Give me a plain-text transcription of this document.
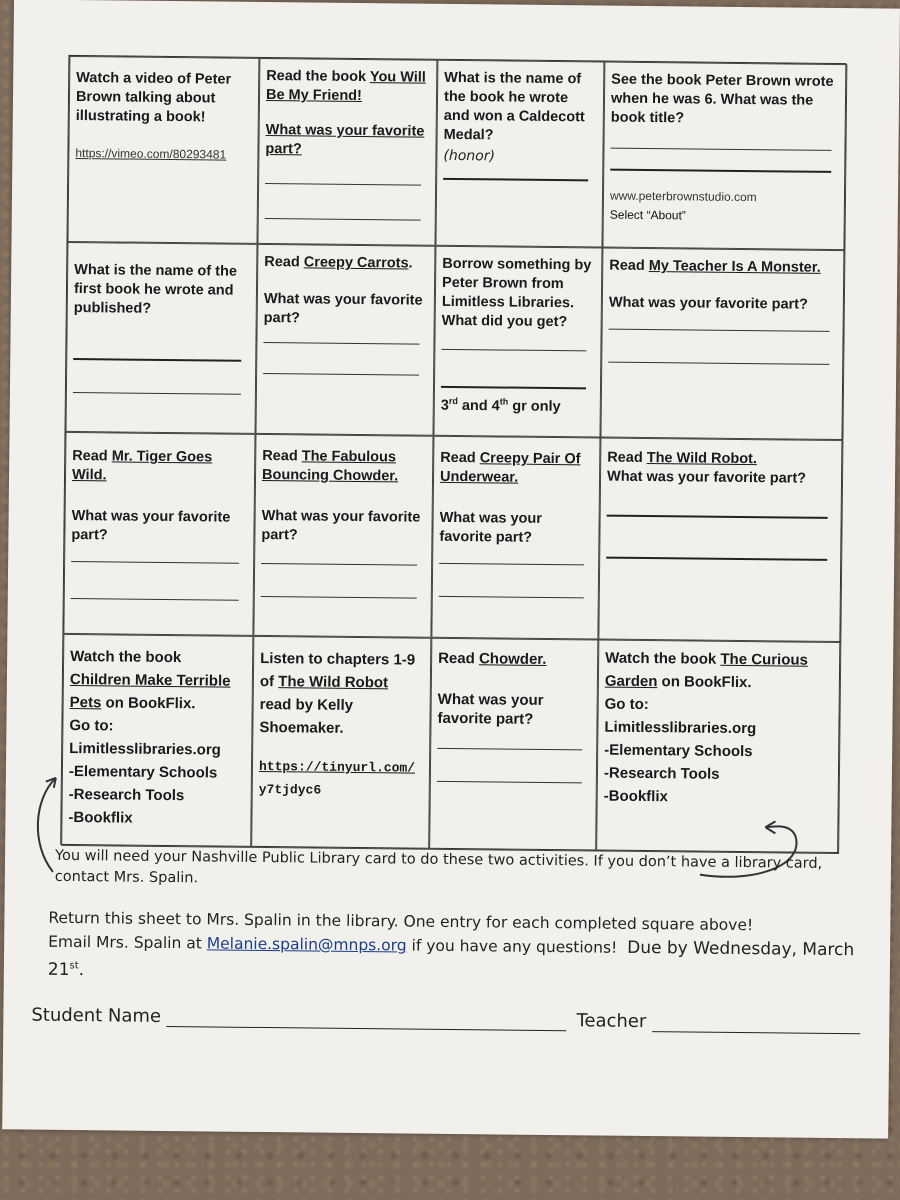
Watch a video of Peter Brown talking about illustrating a book!
https://vimeo.com/80293481
Read the book You Will Be My Friend!
What was your favorite part?
What is the name of the book he wrote and won a Caldecott Medal?
(honor)
See the book Peter Brown wrote when he was 6. What was the book title?
www.peterbrownstudio.com
Select “About”
What is the name of the first book he wrote and published?
Read Creepy Carrots.
What was your favorite part?
Borrow something by Peter Brown from Limitless Libraries.
What did you get?
3rd and 4th gr only
Read My Teacher Is A Monster.
What was your favorite part?
Read Mr. Tiger Goes Wild.
What was your favorite part?
Read The Fabulous Bouncing Chowder.
What was your favorite part?
Read Creepy Pair Of Underwear.
What was your favorite part?
Read The Wild Robot.
What was your favorite part?
Watch the book Children Make Terrible Pets on BookFlix.
Go to:
Limitlesslibraries.org
-Elementary Schools
-Research Tools
-Bookflix
Listen to chapters 1-9 of The Wild Robot read by Kelly Shoemaker.
https://tinyurl.com/
y7tjdyc6
Read Chowder.
What was your favorite part?
Watch the book The Curious Garden on BookFlix.
Go to:
Limitlesslibraries.org
-Elementary Schools
-Research Tools
-Bookflix
You will need your Nashville Public Library card to do these two activities. If you don’t have a library card, contact Mrs. Spalin.
Return this sheet to Mrs. Spalin in the library. One entry for each completed square above!
Email Mrs. Spalin at Melanie.spalin@mnps.org if you have any questions! Due by Wednesday, March 21st.
Student Name	Teacher
